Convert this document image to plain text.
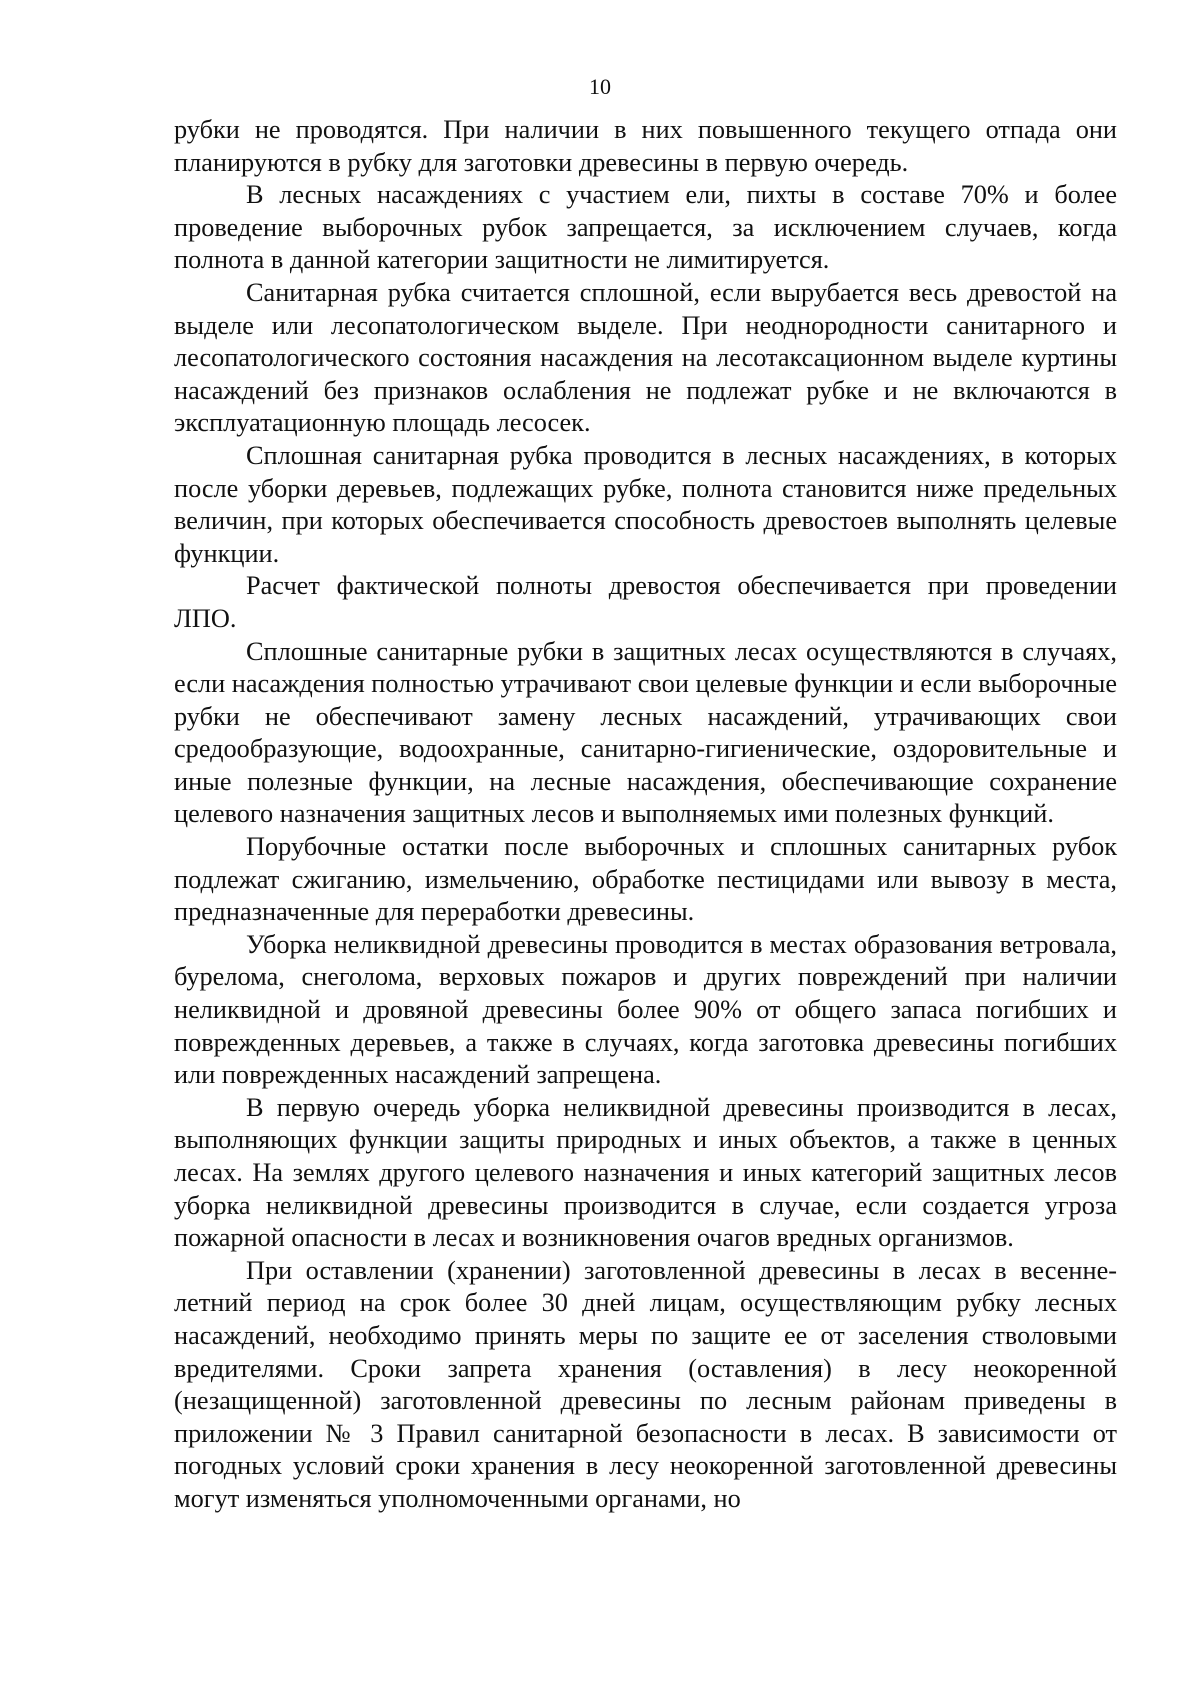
10

рубки не проводятся. При наличии в них повышенного текущего отпада они планируются в рубку для заготовки древесины в первую очередь.

В лесных насаждениях с участием ели, пихты в составе 70% и более проведение выборочных рубок запрещается, за исключением случаев, когда полнота в данной категории защитности не лимитируется.

Санитарная рубка считается сплошной, если вырубается весь древостой на выделе или лесопатологическом выделе. При неоднородности санитарного и лесопатологического состояния насаждения на лесотаксационном выделе куртины насаждений без признаков ослабления не подлежат рубке и не включаются в эксплуатационную площадь лесосек.

Сплошная санитарная рубка проводится в лесных насаждениях, в которых после уборки деревьев, подлежащих рубке, полнота становится ниже предельных величин, при которых обеспечивается способность древостоев выполнять целевые функции.

Расчет фактической полноты древостоя обеспечивается при проведении ЛПО.

Сплошные санитарные рубки в защитных лесах осуществляются в случаях, если насаждения полностью утрачивают свои целевые функции и если выборочные рубки не обеспечивают замену лесных насаждений, утрачивающих свои средообразующие, водоохранные, санитарно-гигиенические, оздоровительные и иные полезные функции, на лесные насаждения, обеспечивающие сохранение целевого назначения защитных лесов и выполняемых ими полезных функций.

Порубочные остатки после выборочных и сплошных санитарных рубок подлежат сжиганию, измельчению, обработке пестицидами или вывозу в места, предназначенные для переработки древесины.

Уборка неликвидной древесины проводится в местах образования ветровала, бурелома, снеголома, верховых пожаров и других повреждений при наличии неликвидной и дровяной древесины более 90% от общего запаса погибших и поврежденных деревьев, а также в случаях, когда заготовка древесины погибших или поврежденных насаждений запрещена.

В первую очередь уборка неликвидной древесины производится в лесах, выполняющих функции защиты природных и иных объектов, а также в ценных лесах. На землях другого целевого назначения и иных категорий защитных лесов уборка неликвидной древесины производится в случае, если создается угроза пожарной опасности в лесах и возникновения очагов вредных организмов.

При оставлении (хранении) заготовленной древесины в лесах в весенне-летний период на срок более 30 дней лицам, осуществляющим рубку лесных насаждений, необходимо принять меры по защите ее от заселения стволовыми вредителями. Сроки запрета хранения (оставления) в лесу неокоренной (незащищенной) заготовленной древесины по лесным районам приведены в приложении № 3 Правил санитарной безопасности в лесах. В зависимости от погодных условий сроки хранения в лесу неокоренной заготовленной древесины могут изменяться уполномоченными органами, но
